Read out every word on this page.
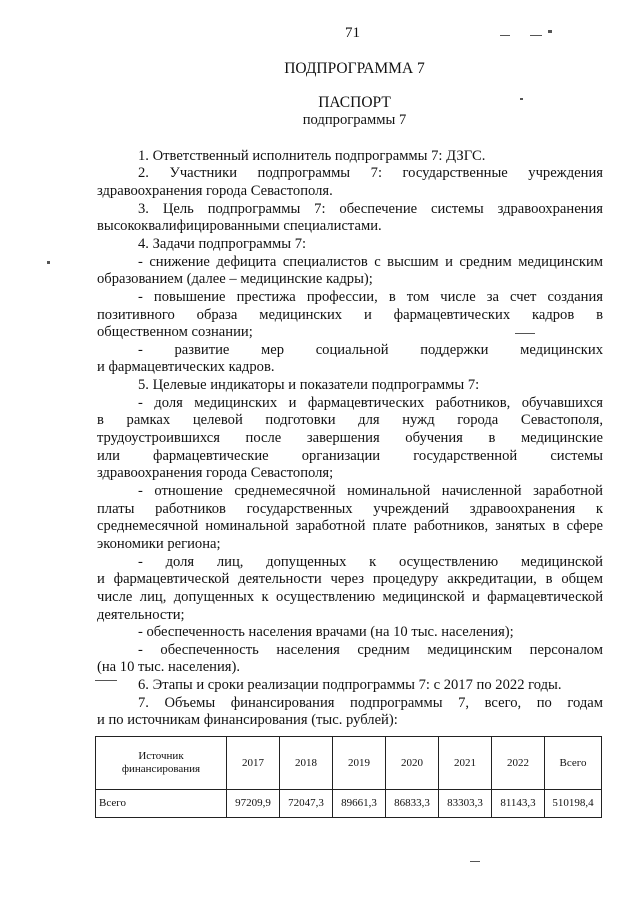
71
ПОДПРОГРАММА 7
ПАСПОРТ
подпрограммы 7
1. Ответственный исполнитель подпрограммы 7: ДЗГС.
2. Участники подпрограммы 7: государственные учреждения
здравоохранения города Севастополя.
3. Цель подпрограммы 7: обеспечение системы здравоохранения
высококвалифицированными специалистами.
4. Задачи подпрограммы 7:
- снижение дефицита специалистов с высшим и средним медицинским
образованием (далее – медицинские кадры);
- повышение престижа профессии, в том числе за счет создания
позитивного образа медицинских и фармацевтических кадров в
общественном сознании;
- развитие мер социальной поддержки медицинских
и фармацевтических кадров.
5. Целевые индикаторы и показатели подпрограммы 7:
- доля медицинских и фармацевтических работников, обучавшихся
в рамках целевой подготовки для нужд города Севастополя,
трудоустроившихся после завершения обучения в медицинские
или фармацевтические организации государственной системы
здравоохранения города Севастополя;
- отношение среднемесячной номинальной начисленной заработной
платы работников государственных учреждений здравоохранения к
среднемесячной номинальной заработной плате работников, занятых в сфере
экономики региона;
- доля лиц, допущенных к осуществлению медицинской
и фармацевтической деятельности через процедуру аккредитации, в общем
числе лиц, допущенных к осуществлению медицинской и фармацевтической
деятельности;
- обеспеченность населения врачами (на 10 тыс. населения);
- обеспеченность населения средним медицинским персоналом
(на 10 тыс. населения).
6. Этапы и сроки реализации подпрограммы 7: с 2017 по 2022 годы.
7. Объемы финансирования подпрограммы 7, всего, по годам
и по источникам финансирования (тыс. рублей):
Источник финансирования	2017	2018	2019	2020	2021	2022	Всего
Всего	97209,9	72047,3	89661,3	86833,3	83303,3	81143,3	510198,4
